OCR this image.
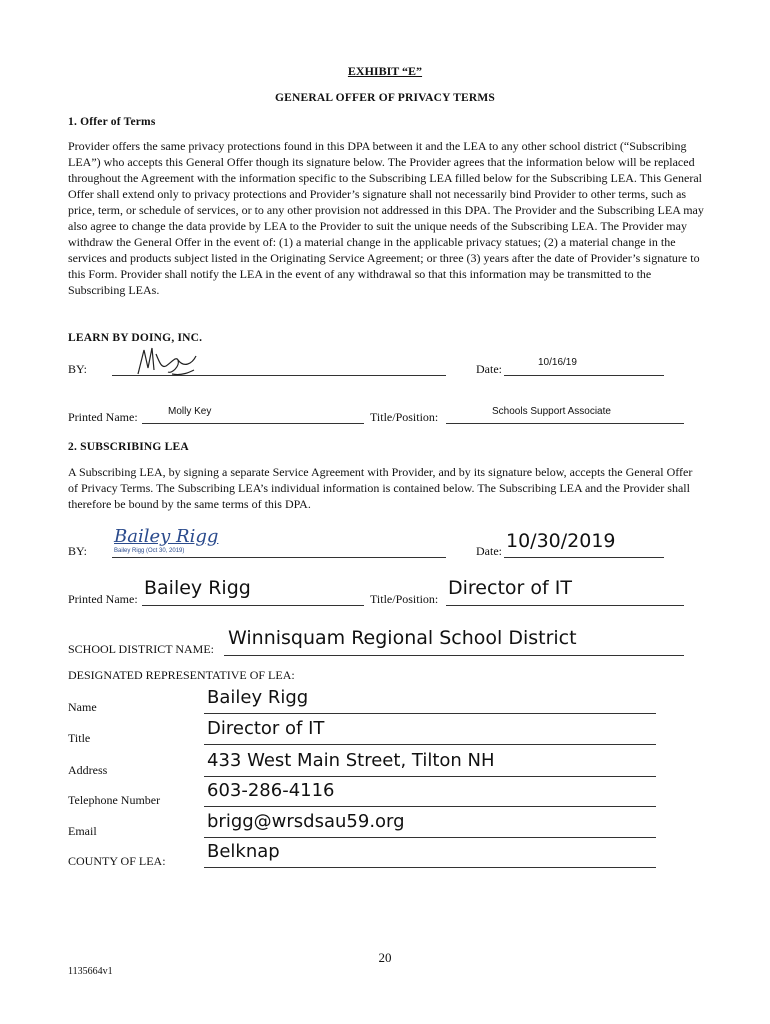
EXHIBIT “E”
GENERAL OFFER OF PRIVACY TERMS
1. Offer of Terms
Provider offers the same privacy protections found in this DPA between it and the LEA to any other school district (“Subscribing LEA”) who accepts this General Offer though its signature below. The Provider agrees that the information below will be replaced throughout the Agreement with the information specific to the Subscribing LEA filled below for the Subscribing LEA. This General Offer shall extend only to privacy protections and Provider’s signature shall not necessarily bind Provider to other terms, such as price, term, or schedule of services, or to any other provision not addressed in this DPA. The Provider and the Subscribing LEA may also agree to change the data provide by LEA to the Provider to suit the unique needs of the Subscribing LEA. The Provider may withdraw the General Offer in the event of: (1) a material change in the applicable privacy statues; (2) a material change in the services and products subject listed in the Originating Service Agreement; or three (3) years after the date of Provider’s signature to this Form. Provider shall notify the LEA in the event of any withdrawal so that this information may be transmitted to the Subscribing LEAs.
LEARN BY DOING, INC.
BY:	Date:	10/16/19
Printed Name:	Molly Key	Title/Position:	Schools Support Associate
2. SUBSCRIBING LEA
A Subscribing LEA, by signing a separate Service Agreement with Provider, and by its signature below, accepts the General Offer of Privacy Terms. The Subscribing LEA’s individual information is contained below. The Subscribing LEA and the Provider shall therefore be bound by the same terms of this DPA.
BY:
Bailey Rigg
Bailey Rigg (Oct 30, 2019)	Date: 10/30/2019
Printed Name: Bailey Rigg	Title/Position: Director of IT
SCHOOL DISTRICT NAME: Winnisquam Regional School District
DESIGNATED REPRESENTATIVE OF LEA:
Name	Bailey Rigg
Title	Director of IT
Address	433 West Main Street, Tilton NH
Telephone Number	603-286-4116
Email	brigg@wrsdsau59.org
COUNTY OF LEA: Belknap
20
1135664v1
